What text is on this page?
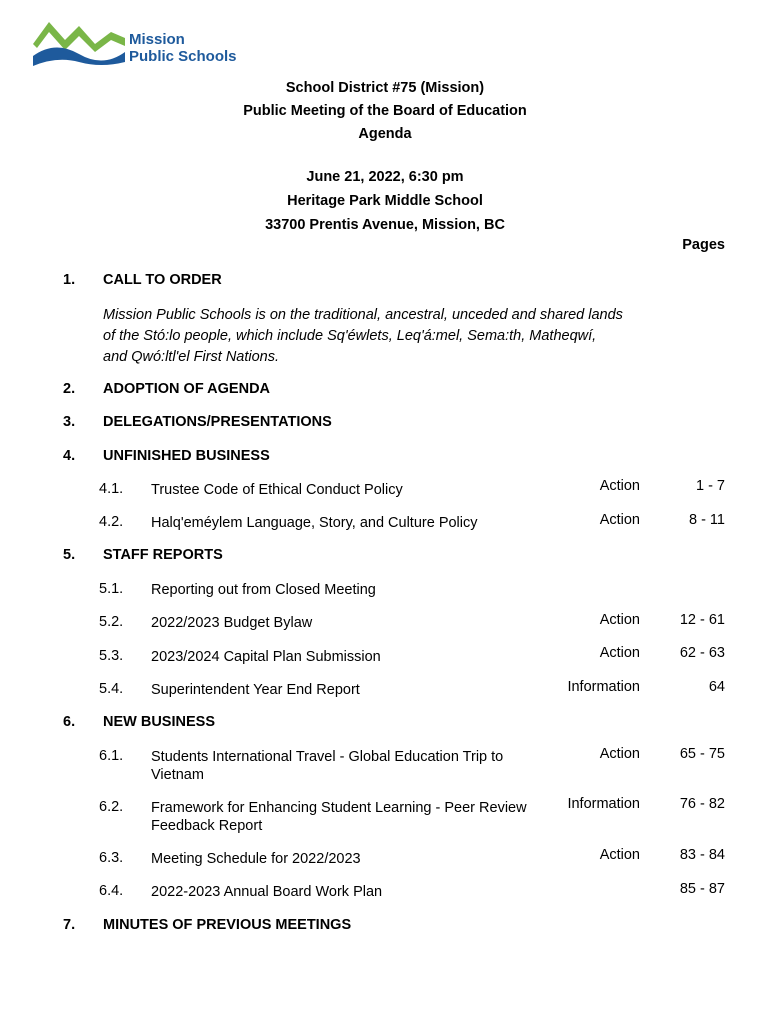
Mission
Public Schools
School District #75 (Mission)
Public Meeting of the Board of Education
Agenda
June 21, 2022, 6:30 pm
Heritage Park Middle School
33700 Prentis Avenue, Mission, BC
Pages
1. CALL TO ORDER
Mission Public Schools is on the traditional, ancestral, unceded and shared lands of the Stó:lo people, which include Sq'éwlets, Leq'á:mel, Sema:th, Matheqwí, and Qwó:ltl'el First Nations.
2. ADOPTION OF AGENDA
3. DELEGATIONS/PRESENTATIONS
4. UNFINISHED BUSINESS
4.1. Trustee Code of Ethical Conduct Policy	Action	1 - 7
4.2. Halq'eméylem Language, Story, and Culture Policy	Action	8 - 11
5. STAFF REPORTS
5.1. Reporting out from Closed Meeting
5.2. 2022/2023 Budget Bylaw	Action	12 - 61
5.3. 2023/2024 Capital Plan Submission	Action	62 - 63
5.4. Superintendent Year End Report	Information	64
6. NEW BUSINESS
6.1. Students International Travel - Global Education Trip to Vietnam
Action	65 - 75
6.2. Framework for Enhancing Student Learning - Peer Review Feedback Report
Information	76 - 82
6.3. Meeting Schedule for 2022/2023	Action	83 - 84
6.4. 2022-2023 Annual Board Work Plan	85 - 87
7. MINUTES OF PREVIOUS MEETINGS
